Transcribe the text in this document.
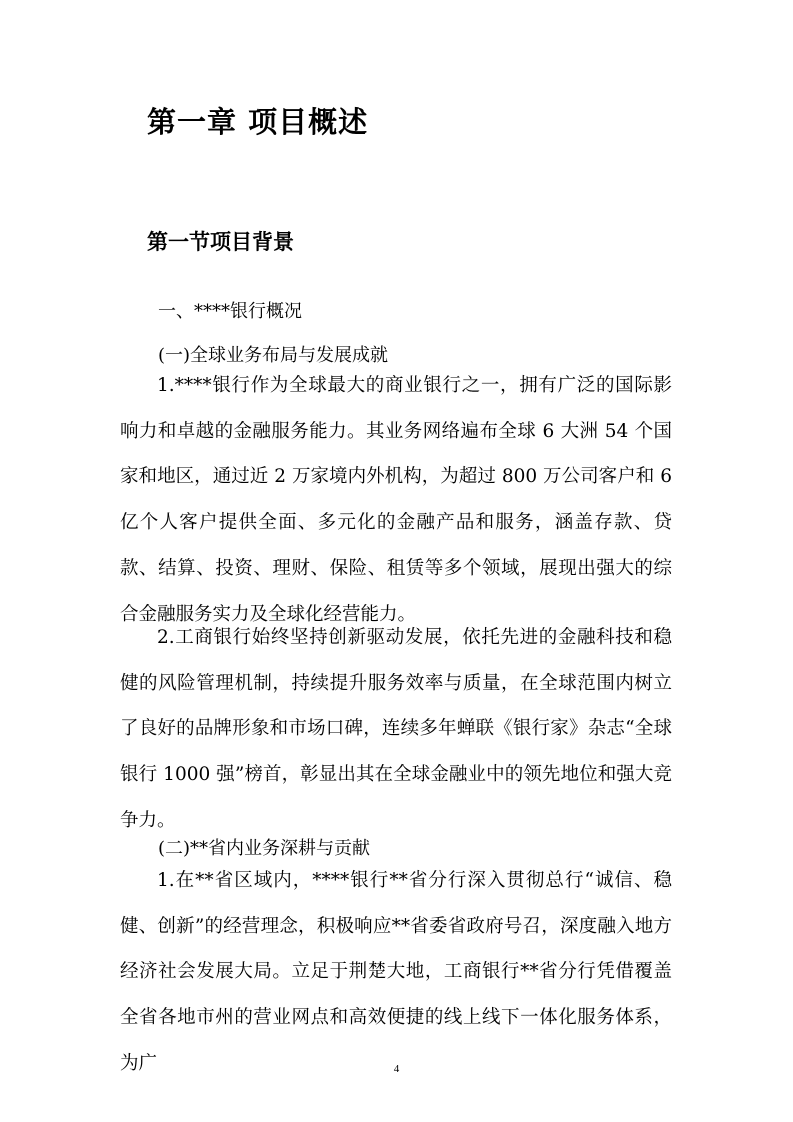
第一章 项目概述
第一节项目背景

一、****银行概况

(一)全球业务布局与发展成就

1.****银行作为全球最大的商业银行之一，拥有广泛的国际影响力和卓越的金融服务能力。其业务网络遍布全球 6 大洲 54 个国家和地区，通过近 2 万家境内外机构，为超过 800 万公司客户和 6 亿个人客户提供全面、多元化的金融产品和服务，涵盖存款、贷款、结算、投资、理财、保险、租赁等多个领域，展现出强大的综合金融服务实力及全球化经营能力。

2.工商银行始终坚持创新驱动发展，依托先进的金融科技和稳健的风险管理机制，持续提升服务效率与质量，在全球范围内树立了良好的品牌形象和市场口碑，连续多年蝉联《银行家》杂志“全球银行 1000 强”榜首，彰显出其在全球金融业中的领先地位和强大竞争力。

(二)**省内业务深耕与贡献

1.在**省区域内，****银行**省分行深入贯彻总行“诚信、稳健、创新”的经营理念，积极响应**省委省政府号召，深度融入地方经济社会发展大局。立足于荆楚大地，工商银行**省分行凭借覆盖全省各地市州的营业网点和高效便捷的线上线下一体化服务体系，为广	4
